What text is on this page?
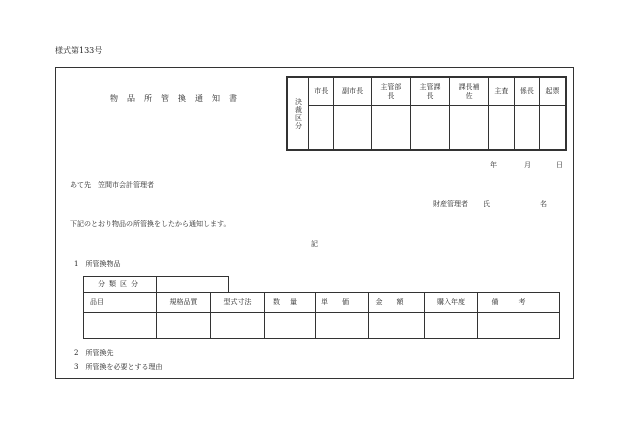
様式第133号
物品所管換通知書	決裁区分	市長	副市長	主管部長	主管課長	課長補佐	主査	係長	起票

年	月	日
あて先　笠間市会計管理者
財産管理者 氏	名
下記のとおり物品の所管換をしたから通知します。
記
1　 所管換物品
分類区分	
品目	規格品質	型式寸法	数量	単価	金額	購入年度	備考

2　 所管換先
3　 所管換を必要とする理由
